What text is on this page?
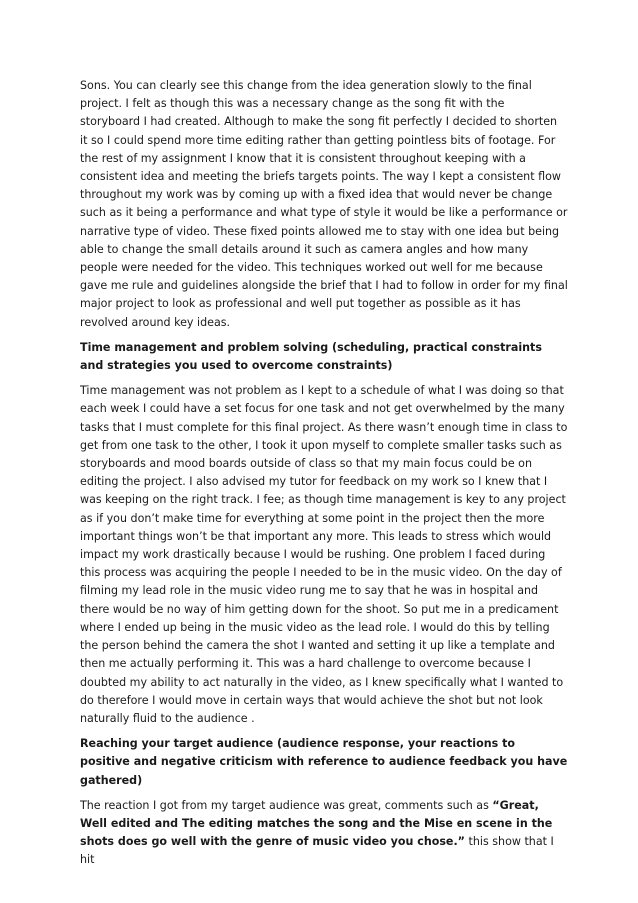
Sons. You can clearly see this change from the idea generation slowly to the final project. I felt as though this was a necessary change as the song fit with the storyboard I had created. Although to make the song fit perfectly I decided to shorten it so I could spend more time editing rather than getting pointless bits of footage. For the rest of my assignment I know that it is consistent throughout keeping with a consistent idea and meeting the briefs targets points. The way I kept a consistent flow throughout my work was by coming up with a fixed idea that would never be change such as it being a performance and what type of style it would be like a performance or narrative type of video. These fixed points allowed me to stay with one idea but being able to change the small details around it such as camera angles and how many people were needed for the video. This techniques worked out well for me because gave me rule and guidelines alongside the brief that I had to follow in order for my final major project to look as professional and well put together as possible as it has revolved around key ideas.

Time management and problem solving (scheduling, practical constraints and strategies you used to overcome constraints)

Time management was not problem as I kept to a schedule of what I was doing so that each week I could have a set focus for one task and not get overwhelmed by the many tasks that I must complete for this final project. As there wasn’t enough time in class to get from one task to the other, I took it upon myself to complete smaller tasks such as storyboards and mood boards outside of class so that my main focus could be on editing the project. I also advised my tutor for feedback on my work so I knew that I was keeping on the right track. I fee; as though time management is key to any project as if you don’t make time for everything at some point in the project then the more important things won’t be that important any more. This leads to stress which would impact my work drastically because I would be rushing. One problem I faced during this process was acquiring the people I needed to be in the music video. On the day of filming my lead role in the music video rung me to say that he was in hospital and there would be no way of him getting down for the shoot. So put me in a predicament where I ended up being in the music video as the lead role. I would do this by telling the person behind the camera the shot I wanted and setting it up like a template and then me actually performing it. This was a hard challenge to overcome because I doubted my ability to act naturally in the video, as I knew specifically what I wanted to do therefore I would move in certain ways that would achieve the shot but not look naturally fluid to the audience .

Reaching your target audience (audience response, your reactions to positive and negative criticism with reference to audience feedback you have gathered)

The reaction I got from my target audience was great, comments such as “Great, Well edited and The editing matches the song and the Mise en scene in the shots does go well with the genre of music video you chose.” this show that I hit
